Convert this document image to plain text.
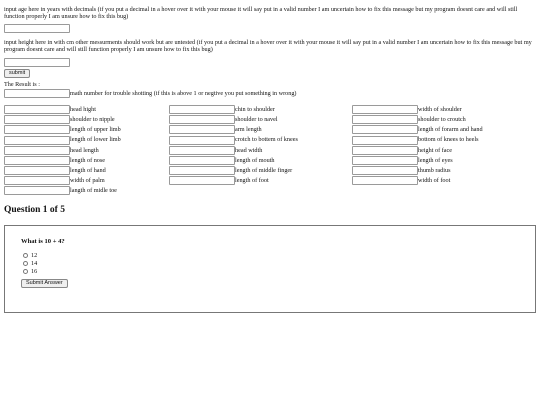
input age here in years with decimals (if you put a decimal in a hover over it with your mouse it will say put in a valid number I am uncertain how to fix this message but my program doesnt care and will still function properly I am unsure how to fix this bug)

input height here in with cm other messurments should work but are untested (if you put a decimal in a hover over it with your mouse it will say put in a valid number I am uncertain how to fix this message but my program doesnt care and will still function properly I am unsure how to fix this bug)

submit

The Result is :

math number for trouble shotting (if this is above 1 or negtive you put something in wrong)
head hight
shoulder to nipple
length of upper limb
length of lower limb
head length
length of nose
length of hand
width of palm
langth of midle toe
chin to shoulder
shoulder to navel
arm length
crotch to bottem of knees
head width
length of mouth
length of middle finger
length of foot
width of shoulder
shoulder to croutch
length of forarm and hand
bottom of knees to heels
height of face
length of eyes
thumb radius
width of foot
Question 1 of 5

What is 10 + 4?

12
14
16
Submit Answer
